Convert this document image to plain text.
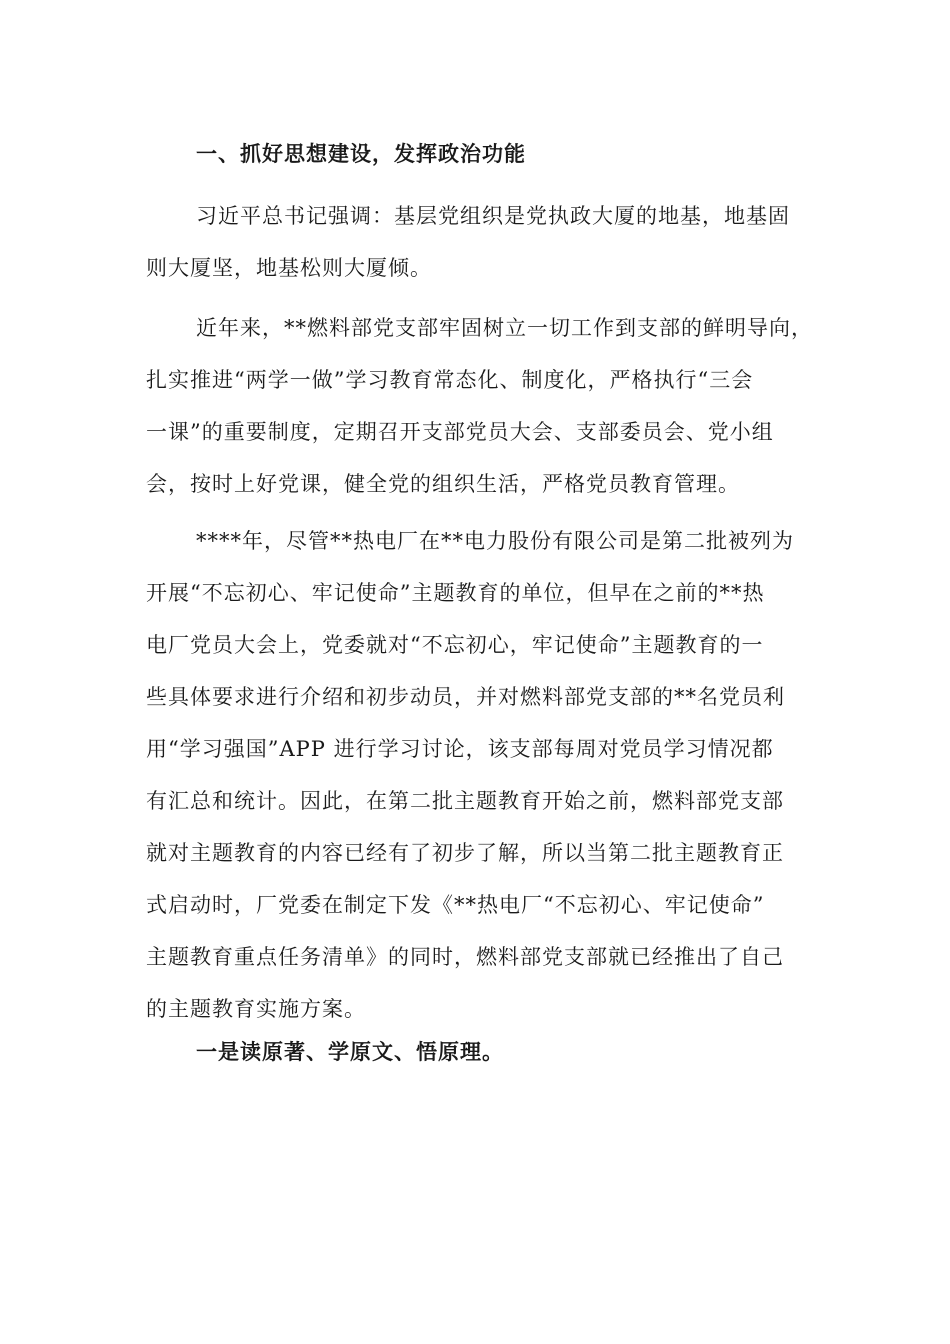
一、抓好思想建设，发挥政治功能
习近平总书记强调：基层党组织是党执政大厦的地基，地基固
则大厦坚，地基松则大厦倾。
近年来，**燃料部党支部牢固树立一切工作到支部的鲜明导向，
扎实推进“两学一做”学习教育常态化、制度化，严格执行“三会
一课”的重要制度，定期召开支部党员大会、支部委员会、党小组
会，按时上好党课，健全党的组织生活，严格党员教育管理。
****年，尽管**热电厂在**电力股份有限公司是第二批被列为
开展“不忘初心、牢记使命”主题教育的单位，但早在之前的**热
电厂党员大会上，党委就对“不忘初心，牢记使命”主题教育的一
些具体要求进行介绍和初步动员，并对燃料部党支部的**名党员利
用“学习强国”APP 进行学习讨论，该支部每周对党员学习情况都
有汇总和统计。因此，在第二批主题教育开始之前，燃料部党支部
就对主题教育的内容已经有了初步了解，所以当第二批主题教育正
式启动时，厂党委在制定下发《**热电厂“不忘初心、牢记使命”
主题教育重点任务清单》的同时，燃料部党支部就已经推出了自己
的主题教育实施方案。
一是读原著、学原文、悟原理。
